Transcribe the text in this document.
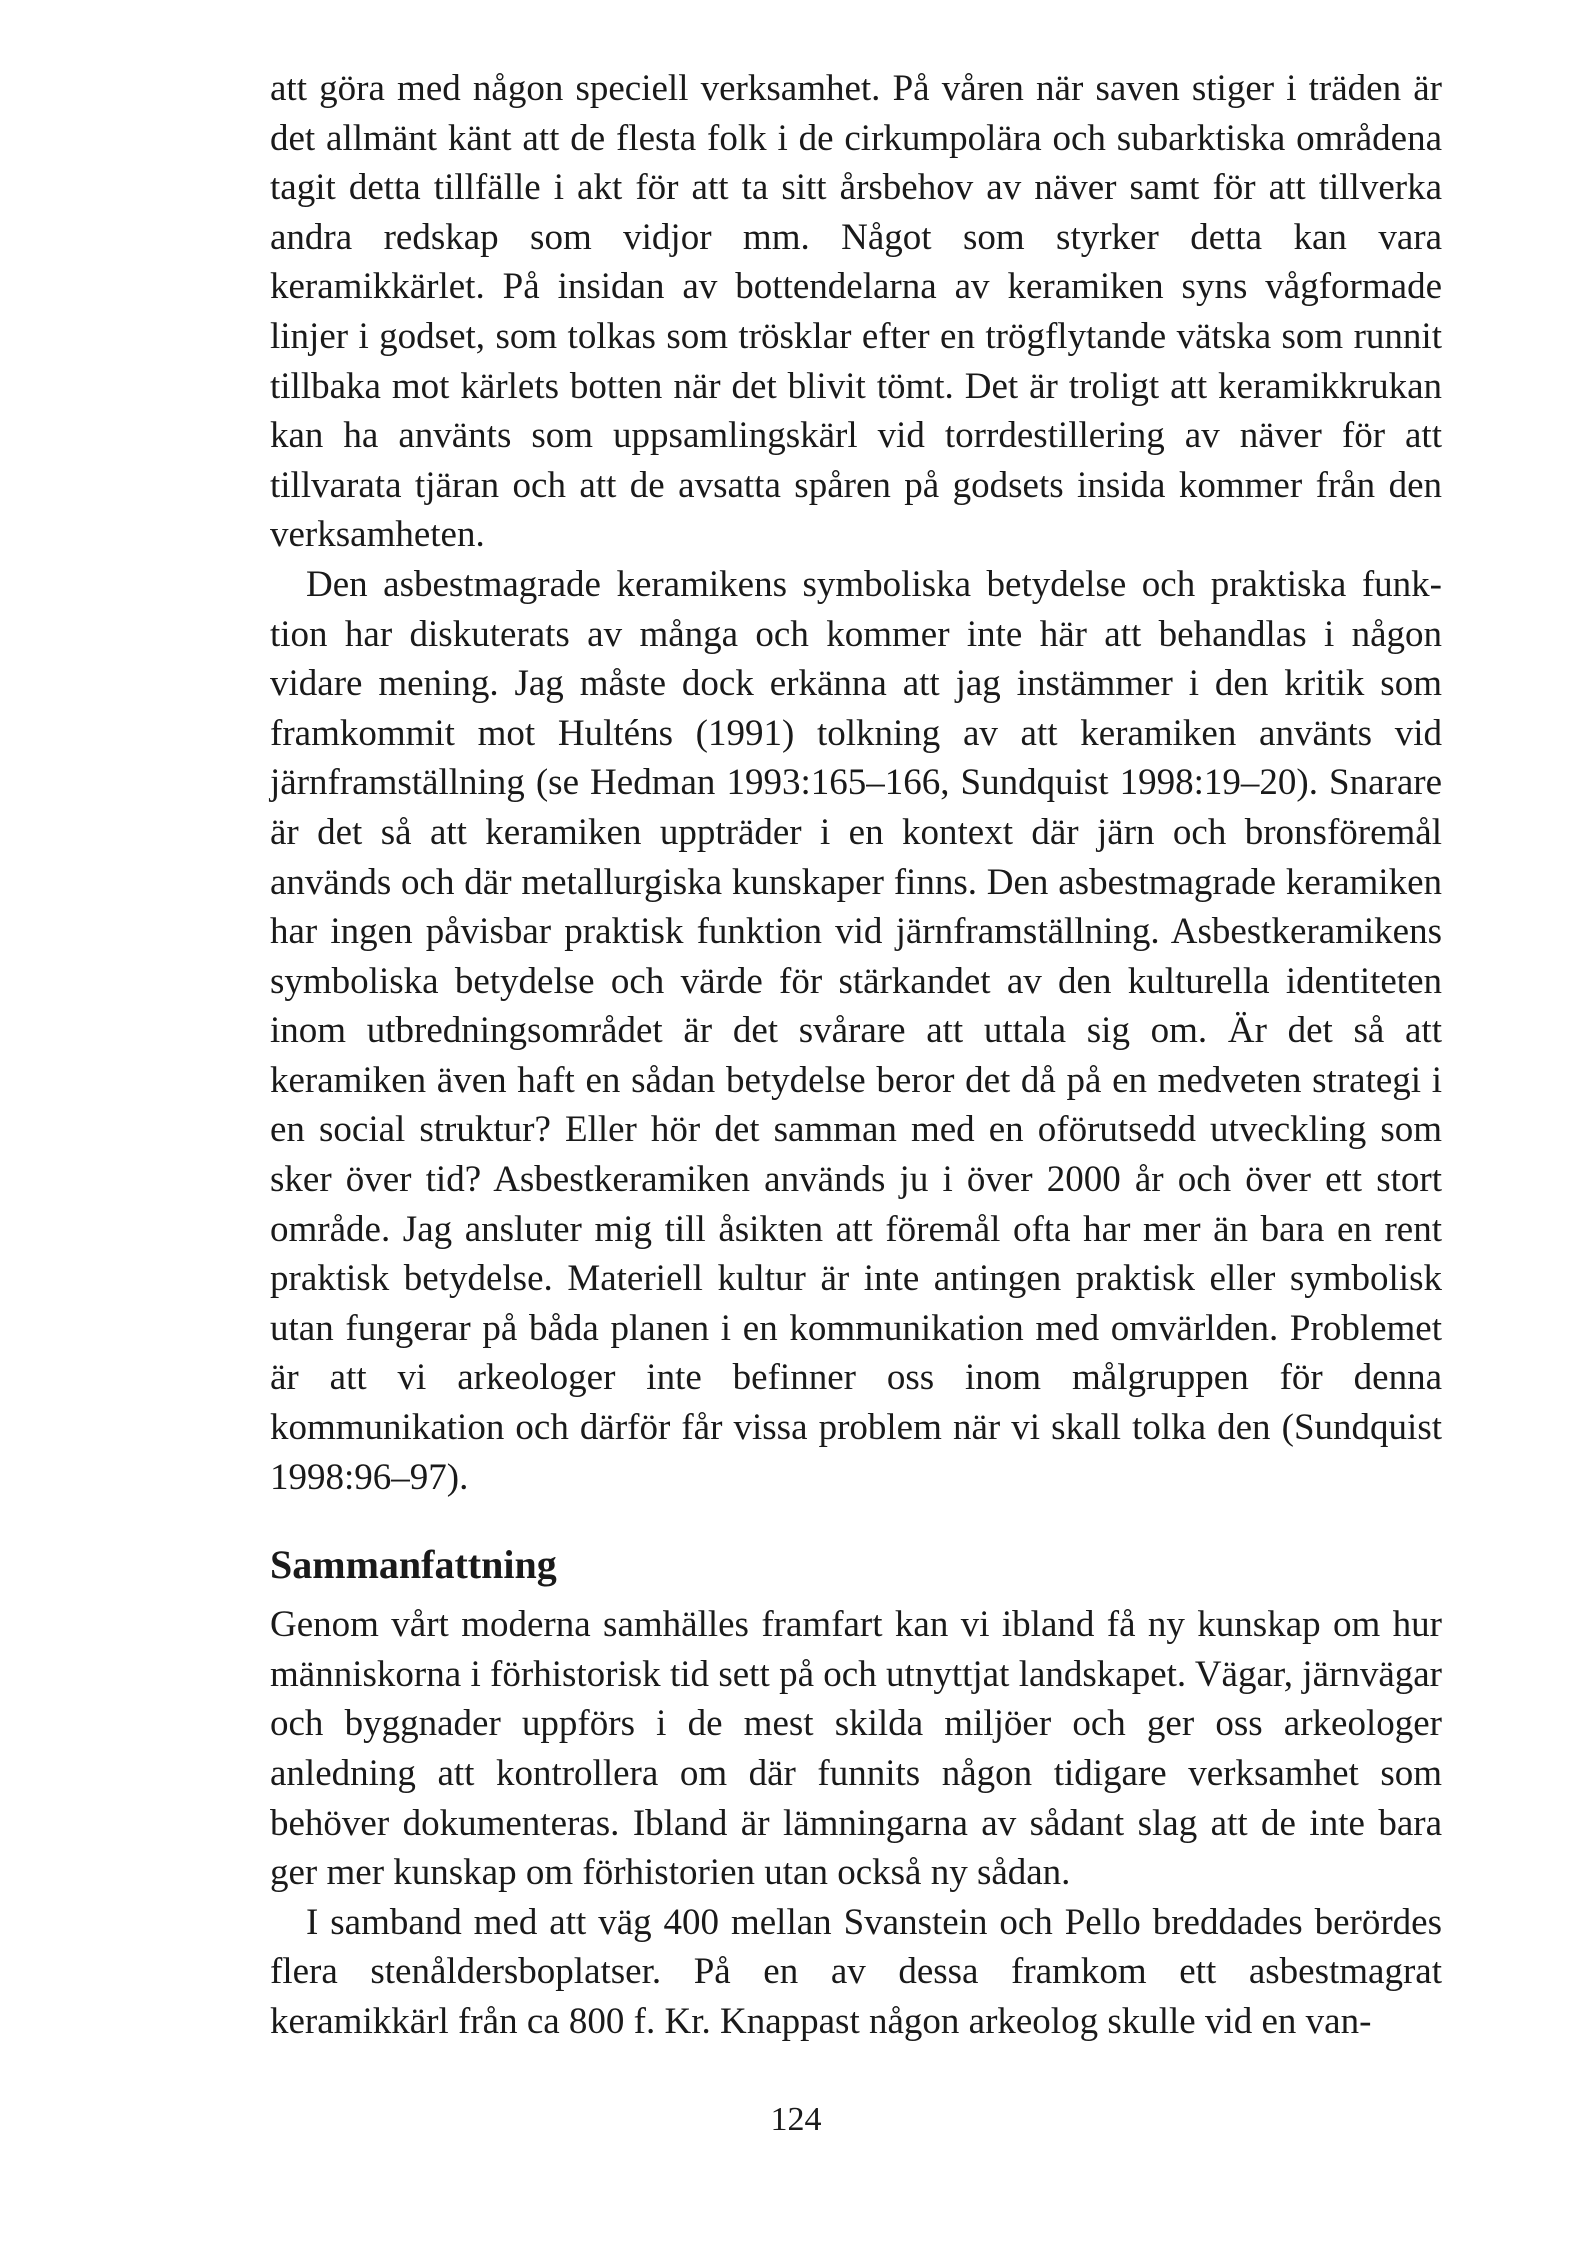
att göra med någon speciell verksamhet. På våren när saven stiger i träden är det allmänt känt att de flesta folk i de cirkumpolära och subarktiska områdena tagit detta tillfälle i akt för att ta sitt årsbehov av näver samt för att tillverka andra redskap som vidjor mm. Något som styrker detta kan vara keramikkärlet. På insidan av bottendelarna av keramiken syns vågformade linjer i godset, som tolkas som trösklar efter en trögflytande vätska som runnit tillbaka mot kärlets botten när det blivit tömt. Det är troligt att keramikkrukan kan ha använts som uppsamlingskärl vid torrdestillering av näver för att tillvarata tjäran och att de avsatta spåren på godsets insida kommer från den verksamheten.

Den asbestmagrade keramikens symboliska betydelse och praktiska funktion har diskuterats av många och kommer inte här att behandlas i någon vidare mening. Jag måste dock erkänna att jag instämmer i den kritik som framkommit mot Hulténs (1991) tolkning av att keramiken använts vid järnframställning (se Hedman 1993:165–166, Sundquist 1998:19–20). Snarare är det så att keramiken uppträder i en kontext där järn och bronsföremål används och där metallurgiska kunskaper finns. Den asbestmagrade keramiken har ingen påvisbar praktisk funktion vid järnframställning. Asbestkeramikens symboliska betydelse och värde för stärkandet av den kulturella identiteten inom utbredningsområdet är det svårare att uttala sig om. Är det så att keramiken även haft en sådan betydelse beror det då på en medveten strategi i en social struktur? Eller hör det samman med en oförutsedd utveckling som sker över tid? Asbestkeramiken används ju i över 2000 år och över ett stort område. Jag ansluter mig till åsikten att föremål ofta har mer än bara en rent praktisk betydelse. Materiell kultur är inte antingen praktisk eller symbolisk utan fungerar på båda planen i en kommunikation med omvärlden. Problemet är att vi arkeologer inte befinner oss inom målgruppen för denna kommunikation och därför får vissa problem när vi skall tolka den (Sundquist 1998:96–97).

Sammanfattning

Genom vårt moderna samhälles framfart kan vi ibland få ny kunskap om hur människorna i förhistorisk tid sett på och utnyttjat landskapet. Vägar, järnvägar och byggnader uppförs i de mest skilda miljöer och ger oss arkeologer anledning att kontrollera om där funnits någon tidigare verksamhet som behöver dokumenteras. Ibland är lämningarna av sådant slag att de inte bara ger mer kunskap om förhistorien utan också ny sådan.

I samband med att väg 400 mellan Svanstein och Pello breddades berördes flera stenåldersboplatser. På en av dessa framkom ett asbestmagrat keramikkärl från ca 800 f. Kr. Knappast någon arkeolog skulle vid en van-

124
